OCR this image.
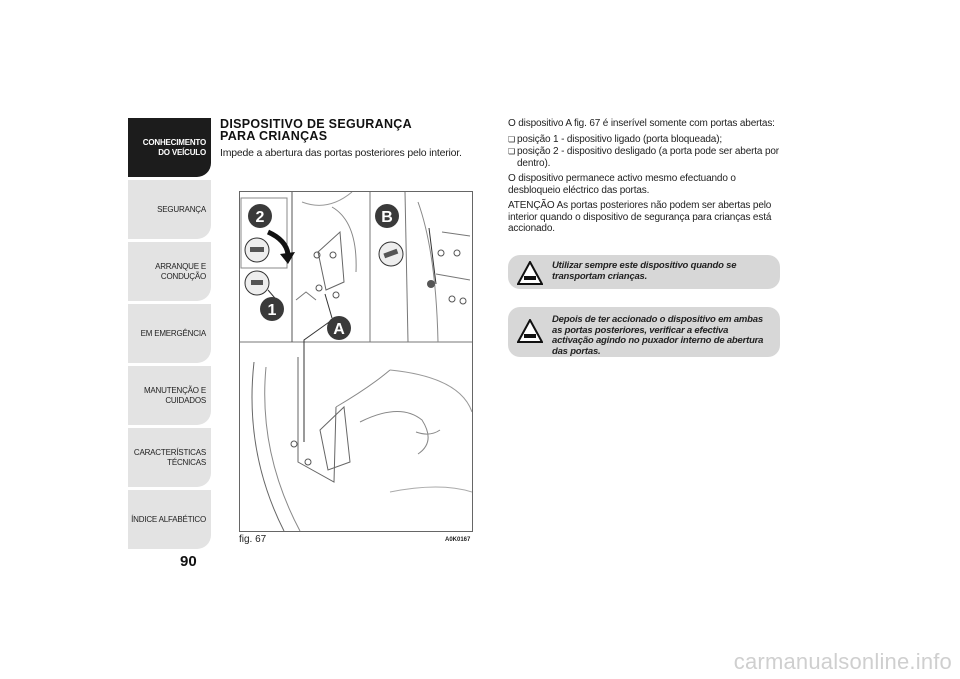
CONHECIMENTO
DO VEÍCULO
SEGURANÇA
ARRANQUE E
CONDUÇÃO
EM EMERGÊNCIA
MANUTENÇÃO E
CUIDADOS
CARACTERÍSTICAS
TÉCNICAS
ÍNDICE ALFABÉTICO
90
DISPOSITIVO DE SEGURANÇA
PARA CRIANÇAS
Impede a abertura das portas posteriores pelo interior.
2
1
A
B
fig. 67	A0K0167

O dispositivo A fig. 67 é inserível somente com portas abertas:

❏ posição 1 - dispositivo ligado (porta bloqueada);
❏ posição 2 - dispositivo desligado (a porta pode ser aberta por dentro).

O dispositivo permanece activo mesmo efectuando o desbloqueio eléctrico das portas.

ATENÇÃO As portas posteriores não podem ser abertas pelo interior quando o dispositivo de segurança para crianças está accionado.

Utilizar sempre este dispositivo quando se transportam crianças.
Depois de ter accionado o dispositivo em ambas as portas posteriores, verificar a efectiva activação agindo no puxador interno de abertura das portas.
carmanualsonline.info
